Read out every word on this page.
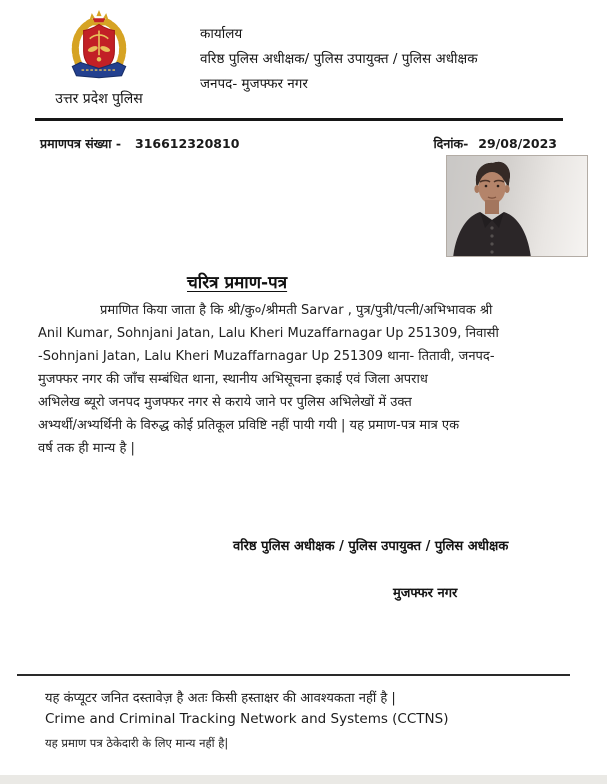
उत्तर प्रदेश पुलिस
कार्यालय
वरिष्ठ पुलिस अधीक्षक/ पुलिस उपायुक्त / पुलिस अधीक्षक
जनपद- मुजफ्फर नगर
प्रमाणपत्र संख्या - 316612320810	दिनांक- 29/08/2023
चरित्र प्रमाण-पत्र
प्रमाणित किया जाता है कि श्री/कु०/श्रीमती Sarvar , पुत्र/पुत्री/पत्नी/अभिभावक श्री
Anil Kumar, Sohnjani Jatan, Lalu Kheri Muzaffarnagar Up 251309, निवासी
-Sohnjani Jatan, Lalu Kheri Muzaffarnagar Up 251309 थाना- तितावी, जनपद-
मुजफ्फर नगर की जाँच सम्बंधित थाना, स्थानीय अभिसूचना इकाई एवं जिला अपराध
अभिलेख ब्यूरो जनपद मुजफ्फर नगर से कराये जाने पर पुलिस अभिलेखों में उक्त
अभ्यर्थी/अभ्यर्थिनी के विरुद्ध कोई प्रतिकूल प्रविष्टि नहीं पायी गयी | यह प्रमाण-पत्र मात्र एक
वर्ष तक ही मान्य है |
वरिष्ठ पुलिस अधीक्षक / पुलिस उपायुक्त / पुलिस अधीक्षक
मुजफ्फर नगर
यह कंप्यूटर जनित दस्तावेज़ है अतः किसी हस्ताक्षर की आवश्यकता नहीं है |
Crime and Criminal Tracking Network and Systems (CCTNS)
यह प्रमाण पत्र ठेकेदारी के लिए मान्य नहीं है|
